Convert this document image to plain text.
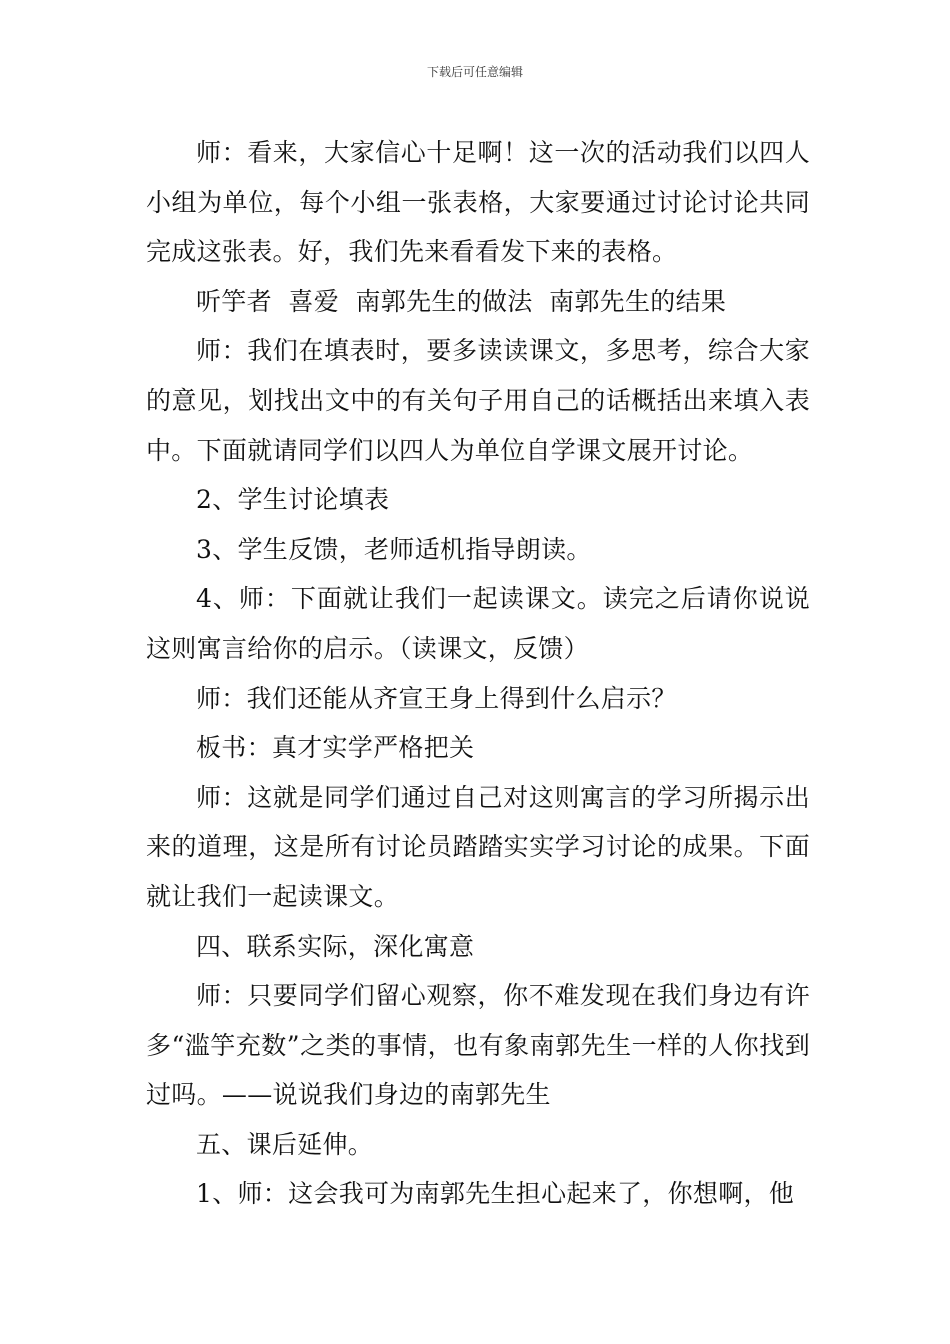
下载后可任意编辑

师：看来，大家信心十足啊！这一次的活动我们以四人小组为单位，每个小组一张表格，大家要通过讨论讨论共同完成这张表。好，我们先来看看发下来的表格。

听竽者  喜爱  南郭先生的做法  南郭先生的结果

师：我们在填表时，要多读读课文，多思考，综合大家的意见，划找出文中的有关句子用自己的话概括出来填入表中。下面就请同学们以四人为单位自学课文展开讨论。

2、学生讨论填表

3、学生反馈，老师适机指导朗读。

4、师：下面就让我们一起读课文。读完之后请你说说这则寓言给你的启示。（读课文，反馈）

师：我们还能从齐宣王身上得到什么启示？

板书：真才实学严格把关

师：这就是同学们通过自己对这则寓言的学习所揭示出来的道理，这是所有讨论员踏踏实实学习讨论的成果。下面就让我们一起读课文。

四、联系实际，深化寓意

师：只要同学们留心观察，你不难发现在我们身边有许多“滥竽充数”之类的事情，也有象南郭先生一样的人你找到过吗。——说说我们身边的南郭先生

五、课后延伸。

1、师：这会我可为南郭先生担心起来了，你想啊，他
